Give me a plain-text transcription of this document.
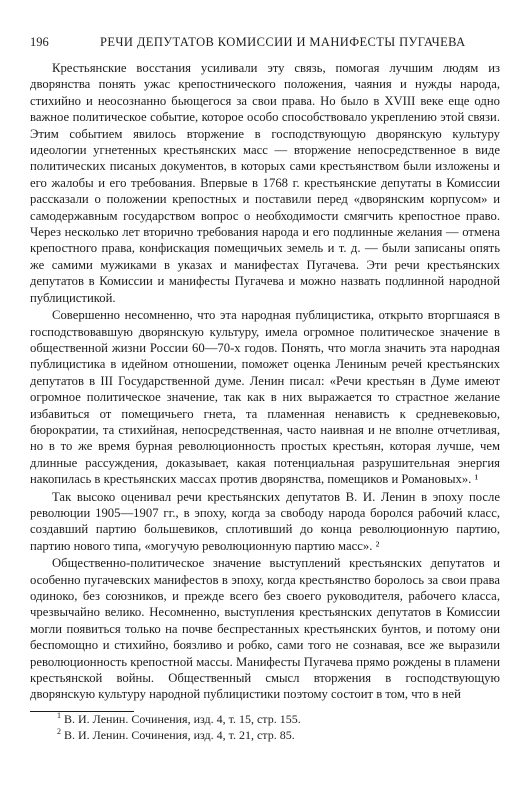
196	РЕЧИ ДЕПУТАТОВ КОМИССИИ И МАНИФЕСТЫ ПУГАЧЕВА

Крестьянские восстания усиливали эту связь, помогая лучшим людям из дворянства понять ужас крепостнического положения, чаяния и нужды народа, стихийно и неосознанно бьющегося за свои права. Но было в XVIII веке еще одно важное политическое событие, которое особо способствовало укреплению этой связи. Этим событием явилось вторжение в господствующую дворянскую культуру идеологии угнетенных крестьянских масс — вторжение непосредственное в виде политических писаных документов, в которых сами крестьянством были изложены и его жалобы и его требования. Впервые в 1768 г. крестьянские депутаты в Комиссии рассказали о положении крепостных и поставили перед «дворянским корпусом» и самодержавным государством вопрос о необходимости смягчить крепостное право. Через несколько лет вторично требования народа и его подлинные желания — отмена крепостного права, конфискация помещичьих земель и т. д. — были записаны опять же самими мужиками в указах и манифестах Пугачева. Эти речи крестьянских депутатов в Комиссии и манифесты Пугачева и можно назвать подлинной народной публицистикой.

Совершенно несомненно, что эта народная публицистика, открыто вторгшаяся в господствовавшую дворянскую культуру, имела огромное политическое значение в общественной жизни России 60—70-х годов. Понять, что могла значить эта народная публицистика в идейном отношении, поможет оценка Лениным речей крестьянских депутатов в III Государственной думе. Ленин писал: «Речи крестьян в Думе имеют огромное политическое значение, так как в них выражается то страстное желание избавиться от помещичьего гнета, та пламенная ненависть к средневековью, бюрократии, та стихийная, непосредственная, часто наивная и не вполне отчетливая, но в то же время бурная революционность простых крестьян, которая лучше, чем длинные рассуждения, доказывает, какая потенциальная разрушительная энергия накопилась в крестьянских массах против дворянства, помещиков и Романовых». ¹

Так высоко оценивал речи крестьянских депутатов В. И. Ленин в эпоху после революции 1905—1907 гг., в эпоху, когда за свободу народа боролся рабочий класс, создавший партию большевиков, сплотивший до конца революционную партию, партию нового типа, «могучую революционную партию масс». ²

Общественно-политическое значение выступлений крестьянских депутатов и особенно пугачевских манифестов в эпоху, когда крестьянство боролось за свои права одиноко, без союзников, и прежде всего без своего руководителя, рабочего класса, чрезвычайно велико. Несомненно, выступления крестьянских депутатов в Комиссии могли появиться только на почве беспрестанных крестьянских бунтов, и потому они беспомощно и стихийно, боязливо и робко, сами того не сознавая, все же выразили революционность крепостной массы. Манифесты Пугачева прямо рождены в пламени крестьянской войны. Общественный смысл вторжения в господствующую дворянскую культуру народной публицистики поэтому состоит в том, что в ней

$^1$ В. И. Ленин. Сочинения, изд. 4, т. 15, стр. 155.

$^2$ В. И. Ленин. Сочинения, изд. 4, т. 21, стр. 85.
